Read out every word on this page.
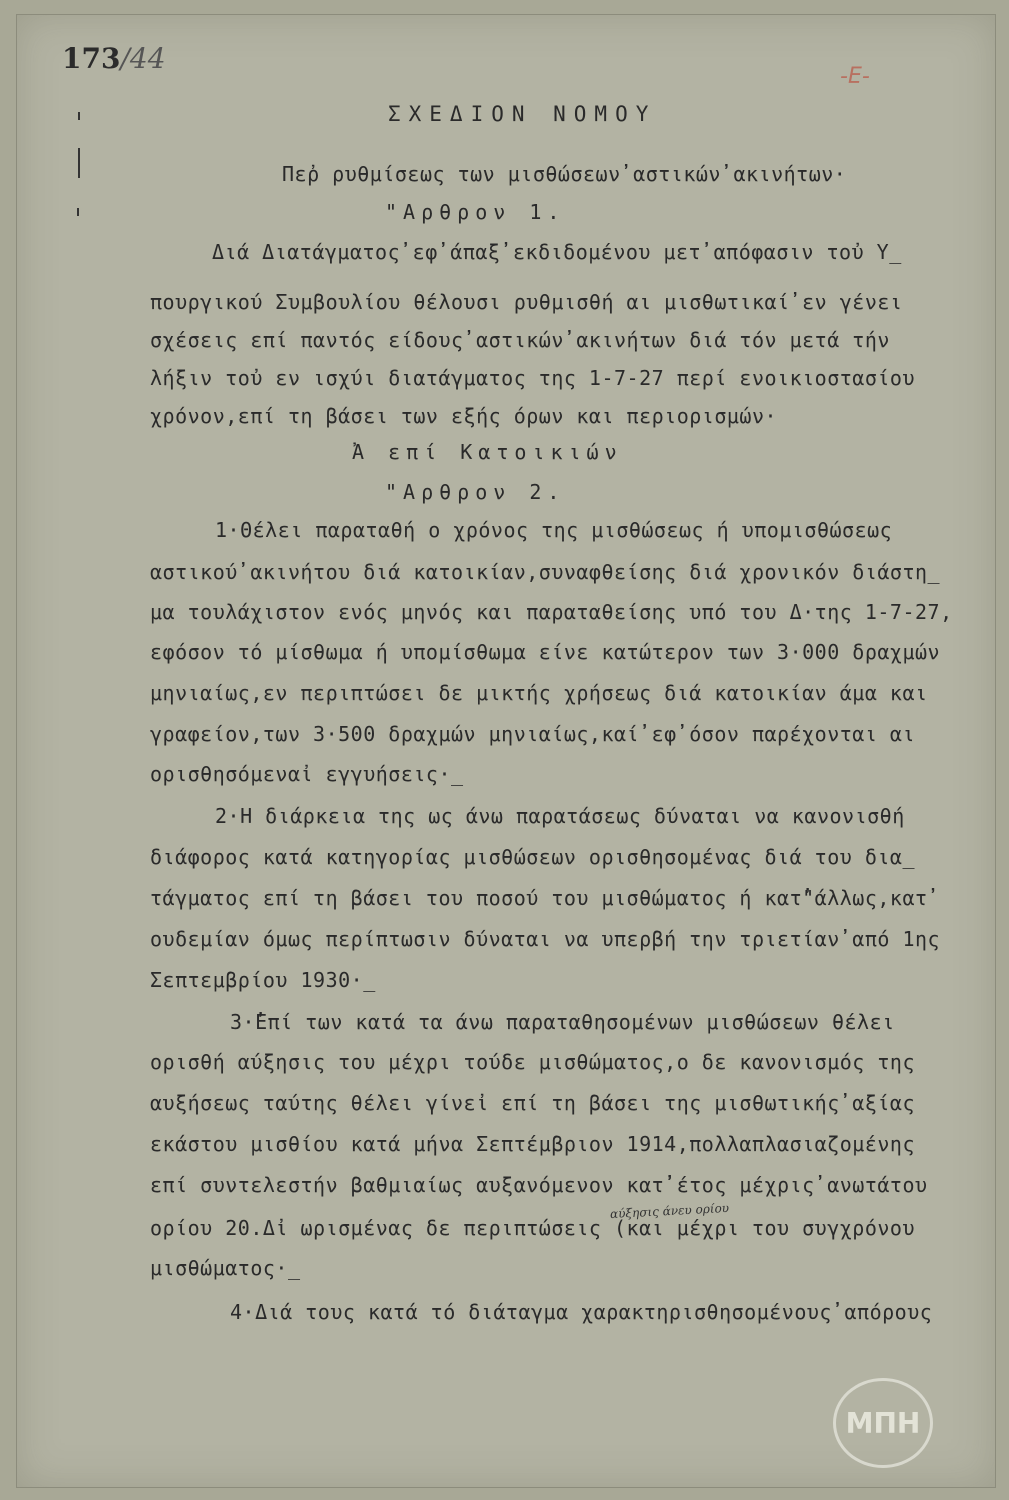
173/44
-Ε-
ΣΧΕΔΙΟΝ ΝΟΜΟΥ
Πεῤ ρυθμίσεως των μισθώσεων̓ αστικών̓ ακινήτων·
"Αρθρον 1.
Διά Διατάγματος̓ εφ̓ άπαξ̓ εκδιδομένου μετ̓ απόφασιν τοὐ Υ_
πουργικού Συμβουλίου θέλουσι ρυθμισθή αι μισθωτικαί̓ εν γένει
σχέσεις επί παντός είδους̓ αστικών̓ ακινήτων διά τόν μετά τήν
λήξιν τοὐ εν ισχύι διατάγματος της 1-7-27 περί ενοικιοστασίου
χρόνον,επί τη βάσει των εξής όρων και περιορισμών·
Ἀ επί Κατοικιών
"Αρθρον 2.
1·Θέλει παραταθή ο χρόνος της μισθώσεως ή υπομισθώσεως
αστικού̓ ακινήτου διά κατοικίαν,συναφθείσης διά χρονικόν διάστη_
μα τουλάχιστον ενός μηνός και παραταθείσης υπό του Δ·της 1-7-27,
εφόσον τό μίσθωμα ή υπομίσθωμα είνε κατώτερον των 3·000 δραχμών
μηνιαίως,εν περιπτώσει δε μικτής χρήσεως διά κατοικίαν άμα και
γραφείον,των 3·500 δραχμών μηνιαίως,καί̓ εφ̓ όσον παρέχονται αι
ορισθησόμεναἰ εγγυήσεις·_
2·Η διάρκεια της ως άνω παρατάσεως δύναται να κανονισθή
διάφορος κατά κατηγορίας μισθώσεων ορισθησομένας διά του δια_
τάγματος επί τη βάσει του ποσού του μισθώματος ή κατ̓"άλλως,κατ̓
ουδεμίαν όμως περίπτωσιν δύναται να υπερβή την τριετίαν̓ από 1ης
Σεπτεμβρίου 1930·_
3·̓Επί των κατά τα άνω παραταθησομένων μισθώσεων θέλει
ορισθή αύξησις του μέχρι τούδε μισθώματος,ο δε κανονισμός της
αυξήσεως ταύτης θέλει γίνεἰ επί τη βάσει της μισθωτικής̓ αξίας
εκάστου μισθίου κατά μήνα Σεπτέμβριον 1914,πολλαπλασιαζομένης
επί συντελεστήν βαθμιαίως αυξανόμενον κατ̓̓ έτος μέχρις̓ ανωτάτου
ορίου 20.Δἰ ωρισμένας δε περιπτώσεις (και μέχρι του συγχρόνου
μισθώματος·_
αύξησις άνευ ορίου
4·Διά τους κατά τό διάταγμα χαρακτηρισθησομένους̓ απόρους
ΜΠΗ
